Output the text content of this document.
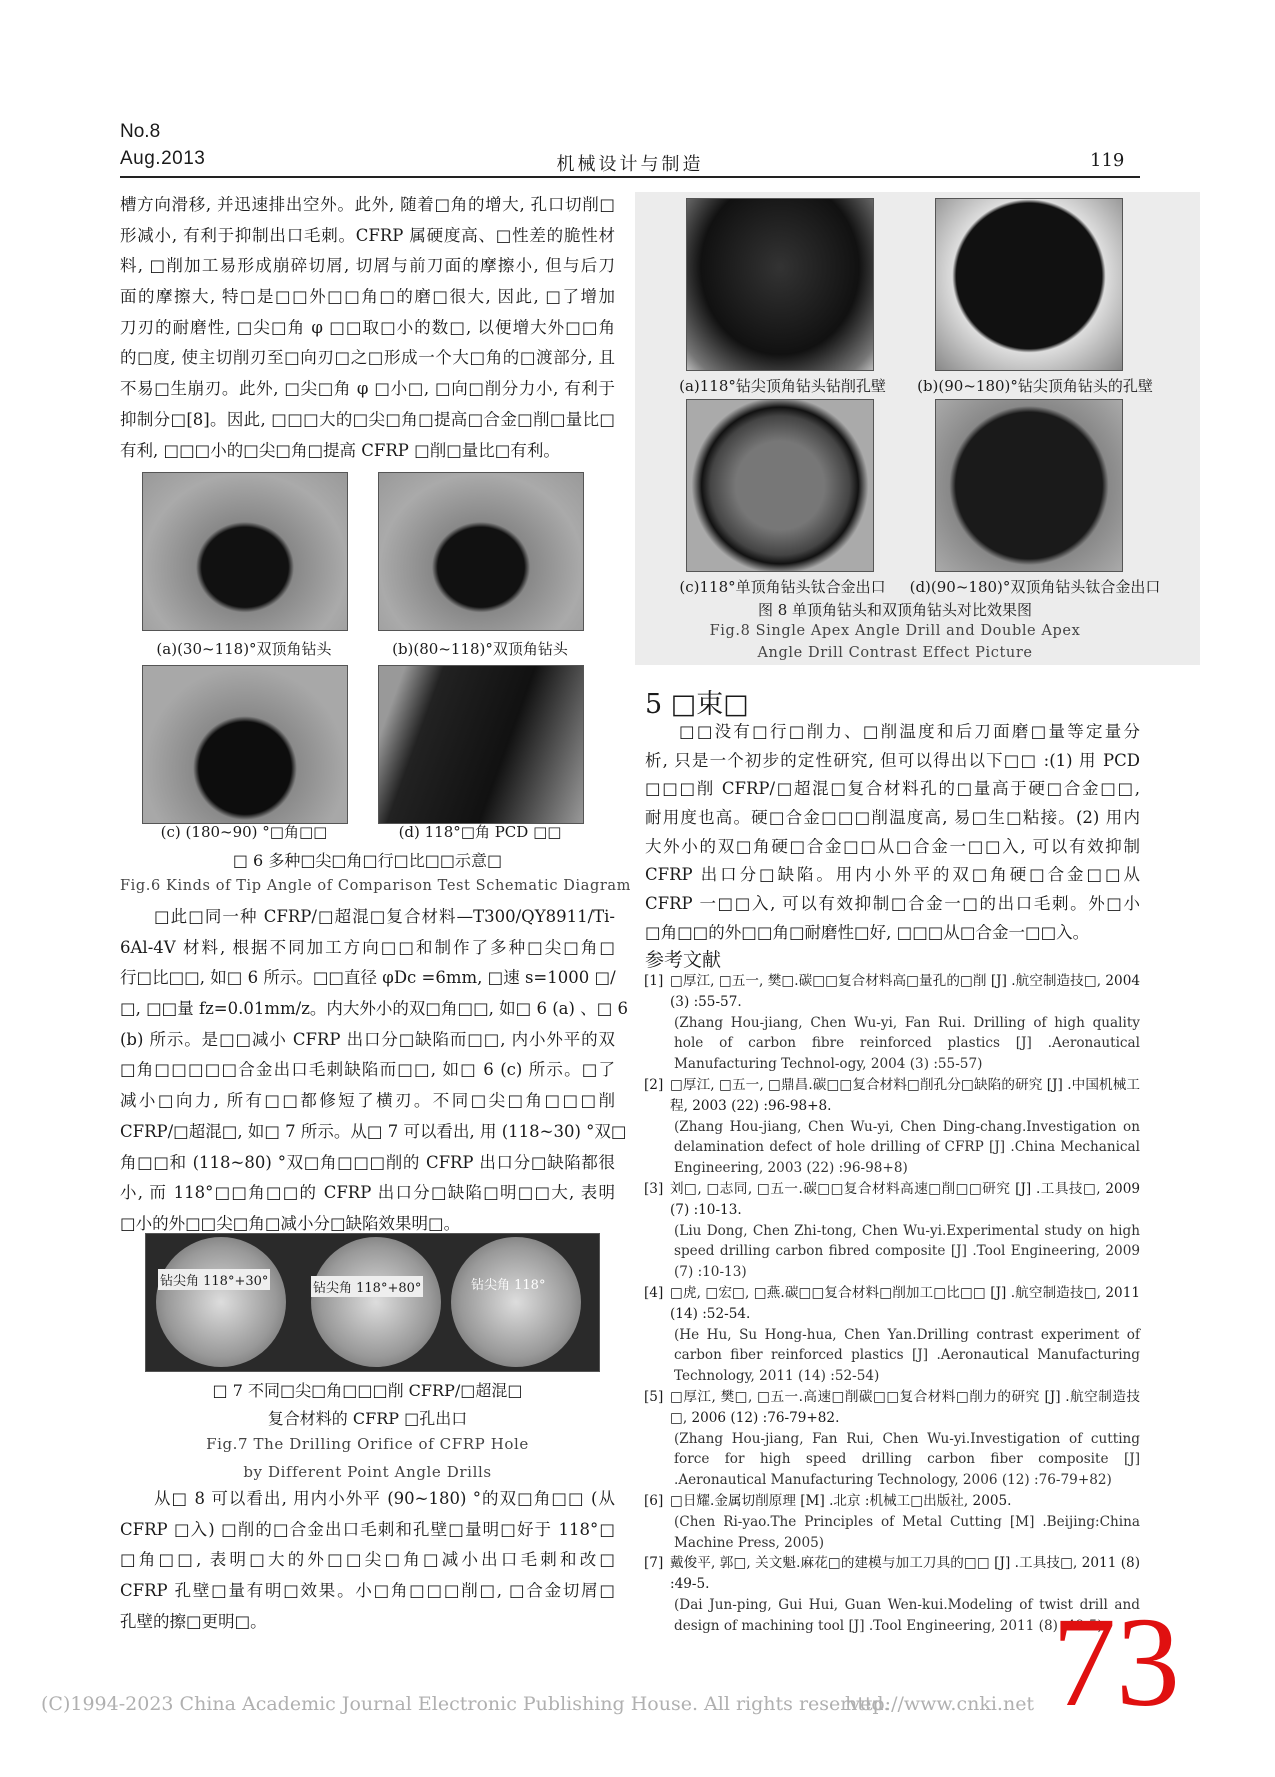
No.8
Aug.2013	机械设计与制造	119
槽方向滑移, 并迅速排出空外。此外, 随着□角的增大, 孔口切削□
形减小, 有利于抑制出口毛刺。CFRP 属硬度高、□性差的脆性材
料, □削加工易形成崩碎切屑, 切屑与前刀面的摩擦小, 但与后刀
面的摩擦大, 特□是□□外□□角□的磨□很大, 因此, □了增加
刀刃的耐磨性, □尖□角 φ □□取□小的数□, 以便增大外□□角
的□度, 使主切削刃至□向刃□之□形成一个大□角的□渡部分, 且
不易□生崩刃。此外, □尖□角 φ □小□, □向□削分力小, 有利于
抑制分□[8]。因此, □□□大的□尖□角□提高□合金□削□量比□
有利, □□□小的□尖□角□提高 CFRP □削□量比□有利。
(a)(30~118)°双顶角钻头	(b)(80~118)°双顶角钻头
(c) (180~90) °□角□□	(d) 118°□角 PCD □□
□ 6 多种□尖□角□行□比□□示意□
Fig.6 Kinds of Tip Angle of Comparison Test Schematic Diagram
□此□同一种 CFRP/□超混□复合材料—T300/QY8911/Ti-
6Al-4V 材料, 根据不同加工方向□□和制作了多种□尖□角□
行□比□□, 如□ 6 所示。□□直径 φDc =6mm, □速 s=1000 □/
□, □□量 fz=0.01mm/z。内大外小的双□角□□, 如□ 6 (a) 、□ 6
(b) 所示。是□□减小 CFRP 出口分□缺陷而□□, 内小外平的双
□角□□□□□合金出口毛刺缺陷而□□, 如□ 6 (c) 所示。□了
减小□向力, 所有□□都修短了横刃。不同□尖□角□□□削
CFRP/□超混□, 如□ 7 所示。从□ 7 可以看出, 用 (118~30) °双□
角□□和 (118~80) °双□角□□□削的 CFRP 出口分□缺陷都很
小, 而 118°□□角□□的 CFRP 出口分□缺陷□明□□大, 表明
□小的外□□尖□角□减小分□缺陷效果明□。
钻尖角 118°+30°	钻尖角 118°+80°	钻尖角 118°
□ 7 不同□尖□角□□□削 CFRP/□超混□
复合材料的 CFRP □孔出口
Fig.7 The Drilling Orifice of CFRP Hole
by Different Point Angle Drills
从□ 8 可以看出, 用内小外平 (90~180) °的双□角□□ (从
CFRP □入) □削的□合金出口毛刺和孔壁□量明□好于 118°□
□角□□, 表明□大的外□□尖□角□减小出口毛刺和改□
CFRP 孔壁□量有明□效果。小□角□□□削□, □合金切屑□
孔壁的擦□更明□。
(a)118°钻尖顶角钻头钻削孔壁	(b)(90~180)°钻尖顶角钻头的孔壁
(c)118°单顶角钻头钛合金出口	(d)(90~180)°双顶角钻头钛合金出口
图 8 单顶角钻头和双顶角钻头对比效果图
Fig.8 Single Apex Angle Drill and Double Apex
Angle Drill Contrast Effect Picture
5 □束□
□□没有□行□削力、□削温度和后刀面磨□量等定量分
析, 只是一个初步的定性研究, 但可以得出以下□□ :(1) 用 PCD
□□□削 CFRP/□超混□复合材料孔的□量高于硬□合金□□,
耐用度也高。硬□合金□□□削温度高, 易□生□粘接。(2) 用内
大外小的双□角硬□合金□□从□合金一□□入, 可以有效抑制
CFRP 出口分□缺陷。用内小外平的双□角硬□合金□□从
CFRP 一□□入, 可以有效抑制□合金一□的出口毛刺。外□小
□角□□的外□□角□耐磨性□好, □□□从□合金一□□入。
参考文献
[1] □厚江, □五一, 樊□.碳□□复合材料高□量孔的□削 [J] .航空制造技□, 2004 (3) :55-57.
(Zhang Hou-jiang, Chen Wu-yi, Fan Rui. Drilling of high quality hole of carbon fibre reinforced plastics [J] .Aeronautical Manufacturing Technol-ogy, 2004 (3) :55-57)
[2] □厚江, □五一, □鼎昌.碳□□复合材料□削孔分□缺陷的研究 [J] .中国机械工程, 2003 (22) :96-98+8.
(Zhang Hou-jiang, Chen Wu-yi, Chen Ding-chang.Investigation on delamination defect of hole drilling of CFRP [J] .China Mechanical Engineering, 2003 (22) :96-98+8)
[3] 刘□, □志同, □五一.碳□□复合材料高速□削□□研究 [J] .工具技□, 2009 (7) :10-13.
(Liu Dong, Chen Zhi-tong, Chen Wu-yi.Experimental study on high speed drilling carbon fibred composite [J] .Tool Engineering, 2009 (7) :10-13)
[4] □虎, □宏□, □燕.碳□□复合材料□削加工□比□□ [J] .航空制造技□, 2011 (14) :52-54.
(He Hu, Su Hong-hua, Chen Yan.Drilling contrast experiment of carbon fiber reinforced plastics [J] .Aeronautical Manufacturing Technology, 2011 (14) :52-54)
[5] □厚江, 樊□, □五一.高速□削碳□□复合材料□削力的研究 [J] .航空制造技□, 2006 (12) :76-79+82.
(Zhang Hou-jiang, Fan Rui, Chen Wu-yi.Investigation of cutting force for high speed drilling carbon fiber composite [J] .Aeronautical Manufacturing Technology, 2006 (12) :76-79+82)
[6] □日耀.金属切削原理 [M] .北京 :机械工□出版社, 2005.
(Chen Ri-yao.The Principles of Metal Cutting [M] .Beijing:China Machine Press, 2005)
[7] 戴俊平, 郭□, 关文魁.麻花□的建模与加工刀具的□□ [J] .工具技□, 2011 (8) :49-5.
(Dai Jun-ping, Gui Hui, Guan Wen-kui.Modeling of twist drill and design of machining tool [J] .Tool Engineering, 2011 (8) :49-5)
(C)1994-2023 China Academic Journal Electronic Publishing House. All rights reserved.
http://www.cnki.net 73
